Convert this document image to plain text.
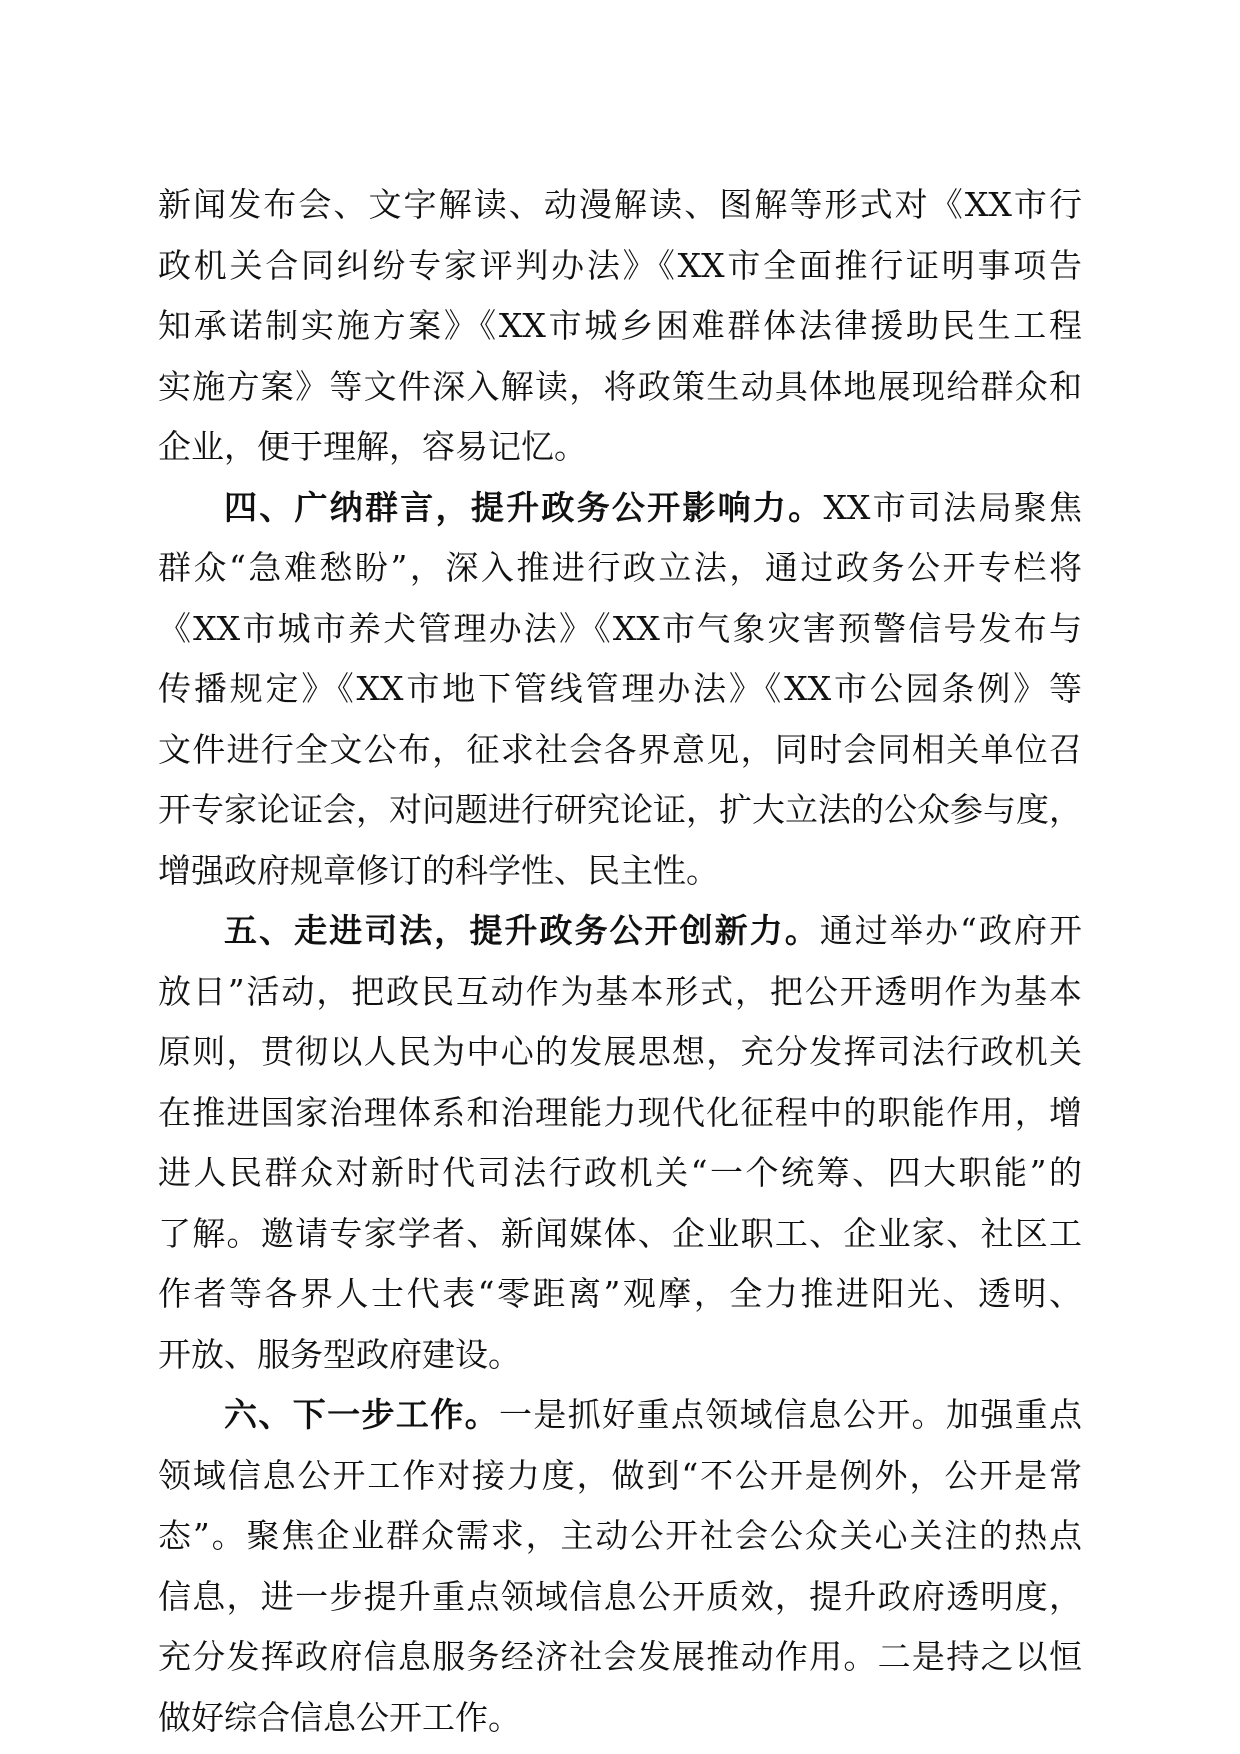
新闻发布会、文字解读、动漫解读、图解等形式对《XX市行
政机关合同纠纷专家评判办法》《XX市全面推行证明事项告
知承诺制实施方案》《XX市城乡困难群体法律援助民生工程
实施方案》等文件深入解读，将政策生动具体地展现给群众和
企业，便于理解，容易记忆。
四、广纳群言，提升政务公开影响力。XX市司法局聚焦
群众“急难愁盼”，深入推进行政立法，通过政务公开专栏将
《XX市城市养犬管理办法》《XX市气象灾害预警信号发布与
传播规定》《XX市地下管线管理办法》《XX市公园条例》等
文件进行全文公布，征求社会各界意见，同时会同相关单位召
开专家论证会，对问题进行研究论证，扩大立法的公众参与度，
增强政府规章修订的科学性、民主性。
五、走进司法，提升政务公开创新力。通过举办“政府开
放日”活动，把政民互动作为基本形式，把公开透明作为基本
原则，贯彻以人民为中心的发展思想，充分发挥司法行政机关
在推进国家治理体系和治理能力现代化征程中的职能作用，增
进人民群众对新时代司法行政机关“一个统筹、四大职能”的
了解。邀请专家学者、新闻媒体、企业职工、企业家、社区工
作者等各界人士代表“零距离”观摩，全力推进阳光、透明、
开放、服务型政府建设。
六、下一步工作。一是抓好重点领域信息公开。加强重点
领域信息公开工作对接力度，做到“不公开是例外，公开是常
态”。聚焦企业群众需求，主动公开社会公众关心关注的热点
信息，进一步提升重点领域信息公开质效，提升政府透明度，
充分发挥政府信息服务经济社会发展推动作用。二是持之以恒
做好综合信息公开工作。
